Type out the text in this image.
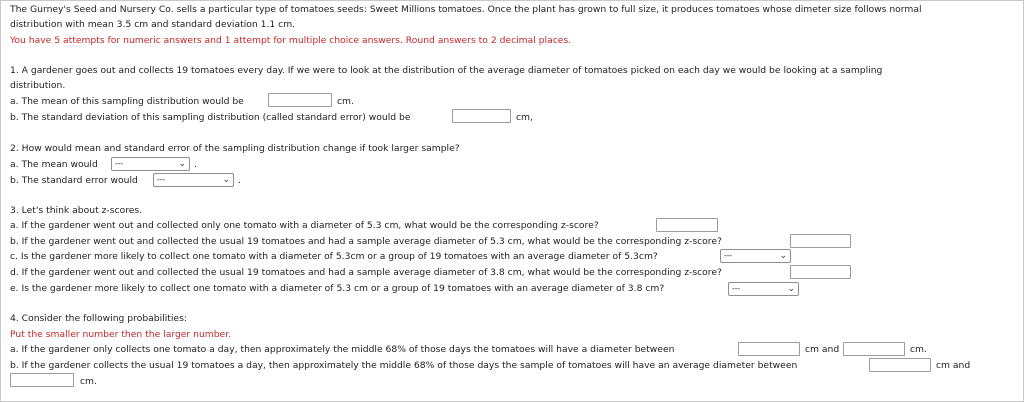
The Gurney's Seed and Nursery Co. sells a particular type of tomatoes seeds: Sweet Millions tomatoes. Once the plant has grown to full size, it produces tomatoes whose dimeter size follows normal
distribution with mean 3.5 cm and standard deviation 1.1 cm.
You have 5 attempts for numeric answers and 1 attempt for multiple choice answers. Round answers to 2 decimal places.
1. A gardener goes out and collects 19 tomatoes every day. If we were to look at the distribution of the average diameter of tomatoes picked on each day we would be looking at a sampling
distribution.
a. The mean of this sampling distribution would be	cm.
b. The standard deviation of this sampling distribution (called standard error) would be	cm,
2. How would mean and standard error of the sampling distribution change if took larger sample?
a. The mean would	---	⌄ .
b. The standard error would	---	⌄ .
3. Let's think about z-scores.
a. If the gardener went out and collected only one tomato with a diameter of 5.3 cm, what would be the corresponding z-score?
b. If the gardener went out and collected the usual 19 tomatoes and had a sample average diameter of 5.3 cm, what would be the corresponding z-score?
c. Is the gardener more likely to collect one tomato with a diameter of 5.3cm or a group of 19 tomatoes with an average diameter of 5.3cm?	---	⌄
d. If the gardener went out and collected the usual 19 tomatoes and had a sample average diameter of 3.8 cm, what would be the corresponding z-score?
e. Is the gardener more likely to collect one tomato with a diameter of 5.3 cm or a group of 19 tomatoes with an average diameter of 3.8 cm?	---	⌄
4. Consider the following probabilities:
Put the smaller number then the larger number.
a. If the gardener only collects one tomato a day, then approximately the middle 68% of those days the tomatoes will have a diameter between	cm and	cm.
b. If the gardener collects the usual 19 tomatoes a day, then approximately the middle 68% of those days the sample of tomatoes will have an average diameter between	cm and
cm.
